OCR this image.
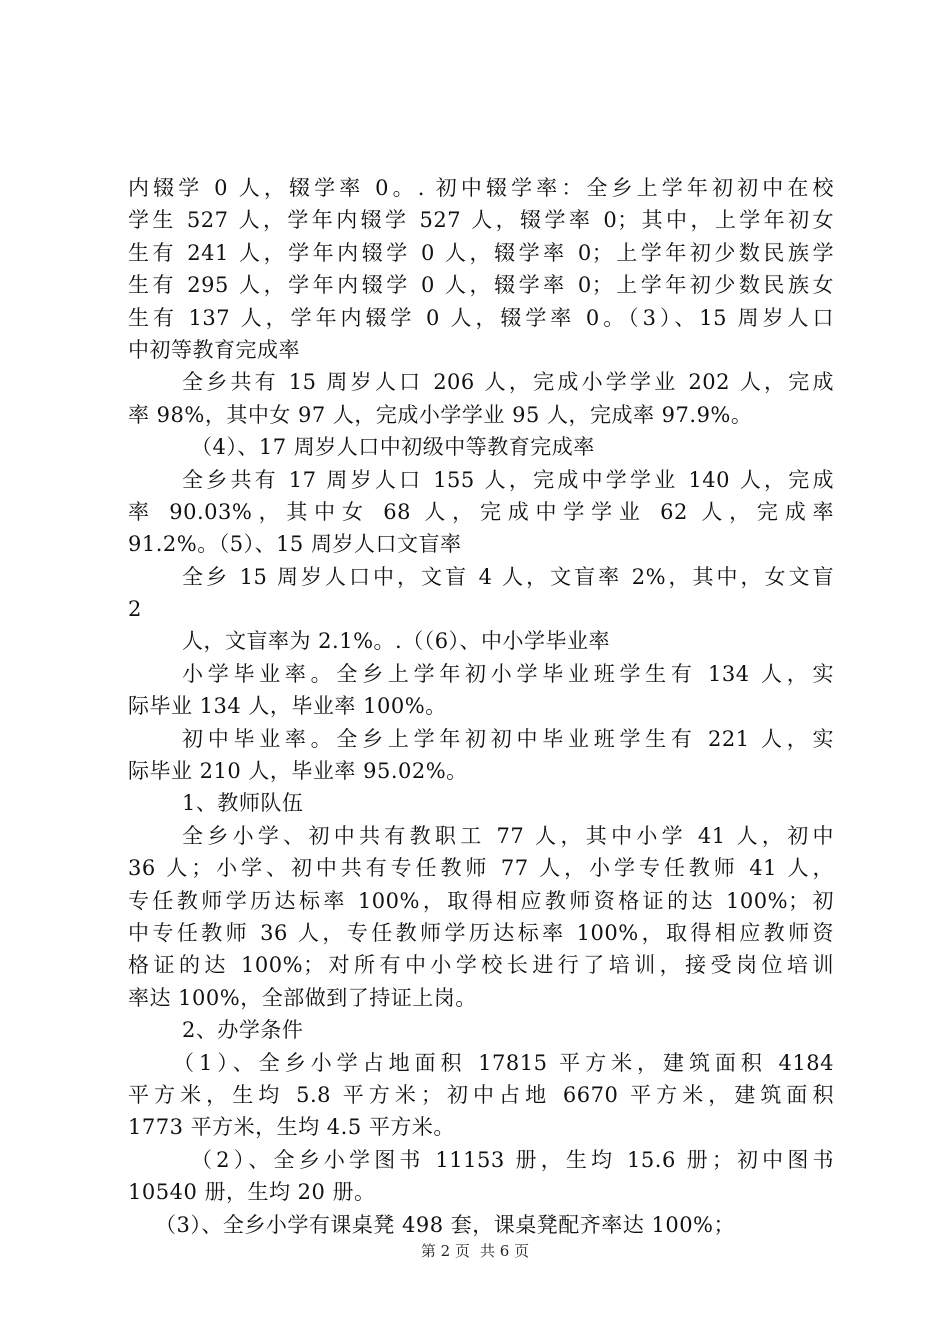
内辍学 0 人，辍学率 0。. 初中辍学率：全乡上学年初初中在校
学生 527 人，学年内辍学 527 人，辍学率 0；其中，上学年初女
生有 241 人，学年内辍学 0 人，辍学率 0；上学年初少数民族学
生有 295 人，学年内辍学 0 人，辍学率 0；上学年初少数民族女
生有 137 人，学年内辍学 0 人，辍学率 0。（3）、15 周岁人口
中初等教育完成率
全乡共有 15 周岁人口 206 人，完成小学学业 202 人，完成
率 98%，其中女 97 人，完成小学学业 95 人，完成率 97.9%。
（4）、17 周岁人口中初级中等教育完成率
全乡共有 17 周岁人口 155 人，完成中学学业 140 人，完成
率 90.03%，其中女 68 人，完成中学学业 62 人，完成率
91.2%。（5）、15 周岁人口文盲率
全乡 15 周岁人口中，文盲 4 人，文盲率 2%，其中，女文盲
2
人，文盲率为 2.1%。.（（6）、中小学毕业率
小学毕业率。全乡上学年初小学毕业班学生有 134 人，实
际毕业 134 人，毕业率 100%。
初中毕业率。全乡上学年初初中毕业班学生有 221 人，实
际毕业 210 人，毕业率 95.02%。
1、教师队伍
全乡小学、初中共有教职工 77 人，其中小学 41 人，初中
36 人；小学、初中共有专任教师 77 人，小学专任教师 41 人，
专任教师学历达标率 100%，取得相应教师资格证的达 100%；初
中专任教师 36 人，专任教师学历达标率 100%，取得相应教师资
格证的达 100%；对所有中小学校长进行了培训，接受岗位培训
率达 100%，全部做到了持证上岗。
2、办学条件
（1）、全乡小学占地面积 17815 平方米，建筑面积 4184
平方米，生均 5.8 平方米；初中占地 6670 平方米，建筑面积
1773 平方米，生均 4.5 平方米。
（2）、全乡小学图书 11153 册，生均 15.6 册；初中图书
10540 册，生均 20 册。
（3）、全乡小学有课桌凳 498 套，课桌凳配齐率达 100%；
第 2 页 共 6 页
